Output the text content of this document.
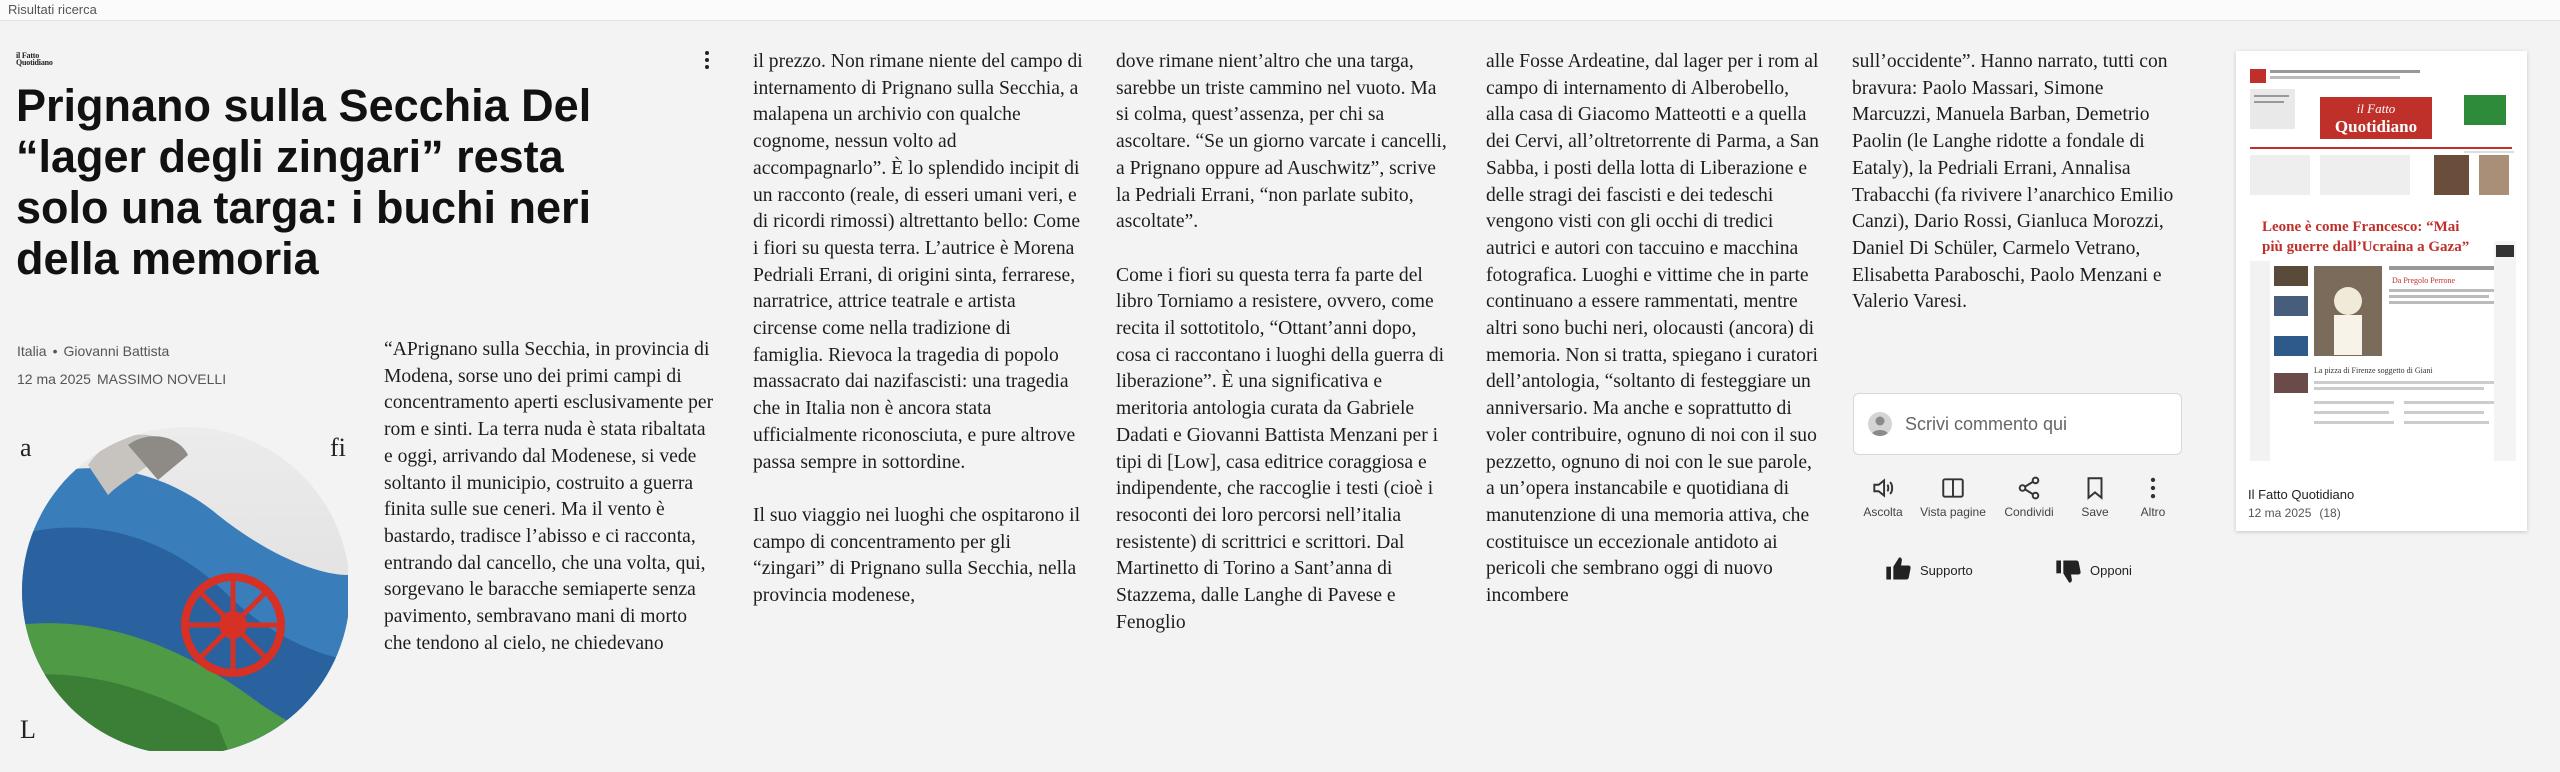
Risultati ricerca
il Fatto
Quotidiano
Prignano sulla Secchia Del “lager degli zingari” resta solo una targa: i buchi neri della memoria
Italia • Giovanni Battista
12 ma 2025 MASSIMO NOVELLI
a	fi
L

“APrignano sulla Secchia, in provincia di Modena, sorse uno dei primi campi di concentramento aperti esclusivamente per rom e sinti. La terra nuda è stata ribaltata e oggi, arrivando dal Modenese, si vede soltanto il municipio, costruito a guerra finita sulle sue ceneri. Ma il vento è bastardo, tradisce l’abisso e ci racconta, entrando dal cancello, che una volta, qui, sorgevano le baracche semiaperte senza pavimento, sembravano mani di morto che tendono al cielo, ne chiedevano

il prezzo. Non rimane niente del campo di internamento di Prignano sulla Secchia, a malapena un archivio con qualche cognome, nessun volto ad accompagnarlo”. È lo splendido incipit di un racconto (reale, di esseri umani veri, e di ricordi rimossi) altrettanto bello: Come i fiori su questa terra. L’autrice è Morena Pedriali Errani, di origini sinta, ferrarese, narratrice, attrice teatrale e artista circense come nella tradizione di famiglia. Rievoca la tragedia di popolo massacrato dai nazifascisti: una tragedia che in Italia non è ancora stata ufficialmente riconosciuta, e pure altrove passa sempre in sottordine.

Il suo viaggio nei luoghi che ospitarono il campo di concentramento per gli “zingari” di Prignano sulla Secchia, nella provincia modenese,

dove rimane nient’altro che una targa, sarebbe un triste cammino nel vuoto. Ma si colma, quest’assenza, per chi sa ascoltare. “Se un giorno varcate i cancelli, a Prignano oppure ad Auschwitz”, scrive la Pedriali Errani, “non parlate subito, ascoltate”.

Come i fiori su questa terra fa parte del libro Torniamo a resistere, ovvero, come recita il sottotitolo, “Ottant’anni dopo, cosa ci raccontano i luoghi della guerra di liberazione”. È una significativa e meritoria antologia curata da Gabriele Dadati e Giovanni Battista Menzani per i tipi di [Low], casa editrice coraggiosa e indipendente, che raccoglie i testi (cioè i resoconti dei loro percorsi nell’italia resistente) di scrittrici e scrittori. Dal Martinetto di Torino a Sant’anna di Stazzema, dalle Langhe di Pavese e Fenoglio

alle Fosse Ardeatine, dal lager per i rom al campo di internamento di Alberobello, alla casa di Giacomo Matteotti e a quella dei Cervi, all’oltretorrente di Parma, a San Sabba, i posti della lotta di Liberazione e delle stragi dei fascisti e dei tedeschi vengono visti con gli occhi di tredici autrici e autori con taccuino e macchina fotografica. Luoghi e vittime che in parte continuano a essere rammentati, mentre altri sono buchi neri, olocausti (ancora) di memoria. Non si tratta, spiegano i curatori dell’antologia, “soltanto di festeggiare un anniversario. Ma anche e soprattutto di voler contribuire, ognuno di noi con il suo pezzetto, ognuno di noi con le sue parole, a un’opera instancabile e quotidiana di manutenzione di una memoria attiva, che costituisce un eccezionale antidoto ai pericoli che sembrano oggi di nuovo incombere

sull’occidente”. Hanno narrato, tutti con bravura: Paolo Massari, Simone Marcuzzi, Manuela Barban, Demetrio Paolin (le Langhe ridotte a fondale di Eataly), la Pedriali Errani, Annalisa Trabacchi (fa rivivere l’anarchico Emilio Canzi), Dario Rossi, Gianluca Morozzi, Daniel Di Schüler, Carmelo Vetrano, Elisabetta Paraboschi, Paolo Menzani e Valerio Varesi.

Scrivi commento qui
Ascolta	Vista pagine	Condividi	Save	Altro
Supporto	Opponi
il Fatto
Quotidiano
Leone è come Francesco: “Mai
più guerre dall’Ucraina a Gaza”
Da Pregolo Perrone
La pizza di Firenze soggetto di Giani
Il Fatto Quotidiano
12 ma 2025 (18)
